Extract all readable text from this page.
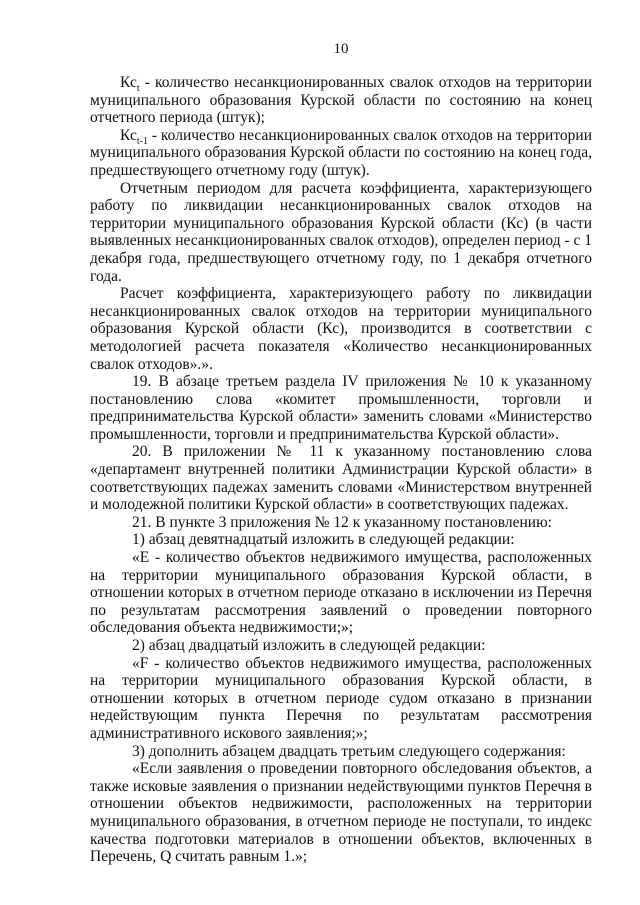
10

$Кс_t$ - количество несанкционированных свалок отходов на территории муниципального образования Курской области по состоянию на конец отчетного периода (штук);

$Кс_{t-1}$ - количество несанкционированных свалок отходов на территории муниципального образования Курской области по состоянию на конец года, предшествующего отчетному году (штук).

Отчетным периодом для расчета коэффициента, характеризующего работу по ликвидации несанкционированных свалок отходов на территории муниципального образования Курской области (Кс) (в части выявленных несанкционированных свалок отходов), определен период - с 1 декабря года, предшествующего отчетному году, по 1 декабря отчетного года.

Расчет коэффициента, характеризующего работу по ликвидации несанкционированных свалок отходов на территории муниципального образования Курской области (Кс), производится в соответствии с методологией расчета показателя «Количество несанкционированных свалок отходов».».

19. В абзаце третьем раздела IV приложения № 10 к указанному постановлению слова «комитет промышленности, торговли и предпринимательства Курской области» заменить словами «Министерство промышленности, торговли и предпринимательства Курской области».

20. В приложении № 11 к указанному постановлению слова «департамент внутренней политики Администрации Курской области» в соответствующих падежах заменить словами «Министерством внутренней и молодежной политики Курской области» в соответствующих падежах.

21. В пункте 3 приложения № 12 к указанному постановлению:

1) абзац девятнадцатый изложить в следующей редакции:

«E - количество объектов недвижимого имущества, расположенных на территории муниципального образования Курской области, в отношении которых в отчетном периоде отказано в исключении из Перечня по результатам рассмотрения заявлений о проведении повторного обследования объекта недвижимости;»;

2) абзац двадцатый изложить в следующей редакции:

«F - количество объектов недвижимого имущества, расположенных на территории муниципального образования Курской области, в отношении которых в отчетном периоде судом отказано в признании недействующим пункта Перечня по результатам рассмотрения административного искового заявления;»;

3) дополнить абзацем двадцать третьим следующего содержания:

«Если заявления о проведении повторного обследования объектов, а также исковые заявления о признании недействующими пунктов Перечня в отношении объектов недвижимости, расположенных на территории муниципального образования, в отчетном периоде не поступали, то индекс качества подготовки материалов в отношении объектов, включенных в Перечень, Q считать равным 1.»;
